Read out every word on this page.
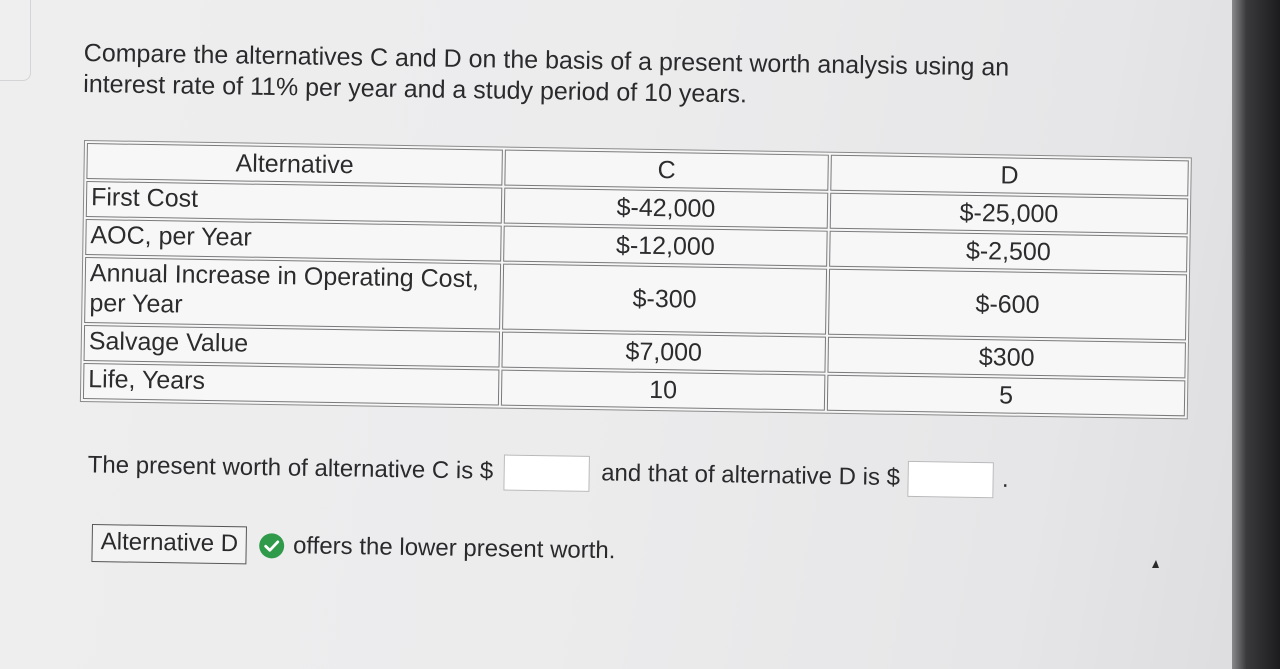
Compare the alternatives C and D on the basis of a present worth analysis using an interest rate of 11% per year and a study period of 10 years.
Alternative	C	D
First Cost	$-42,000	$-25,000
AOC, per Year	$-12,000	$-2,500
Annual Increase in Operating Cost, per Year	$-300	$-600
Salvage Value	$7,000	$300
Life, Years	10	5
The present worth of alternative C is $	and that of alternative D is $	.
Alternative D	offers the lower present worth.
